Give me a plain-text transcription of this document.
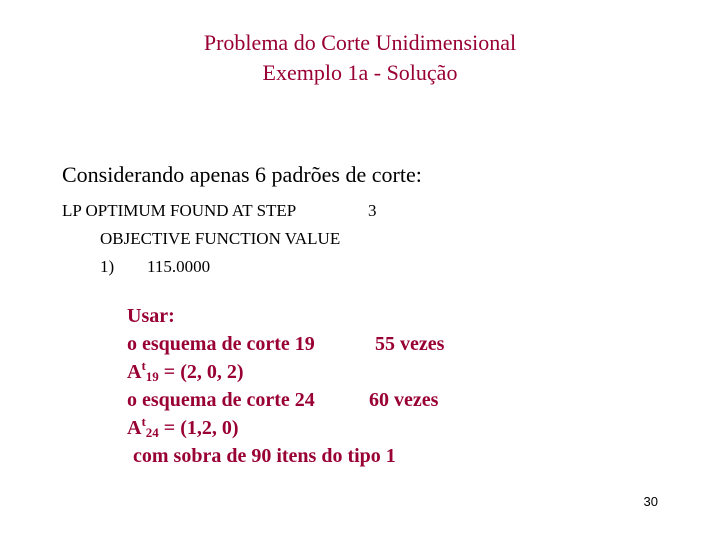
Problema do Corte Unidimensional
Exemplo 1a - Solução
Considerando apenas 6 padrões de corte:
LP OPTIMUM FOUND AT STEP	3
OBJECTIVE FUNCTION VALUE
1) 115.0000
Usar:
o esquema de corte 19	55 vezes
$A^t_{19} = (2$, 0, 2)
o esquema de corte 24	60 vezes
$A^t_{24} = (1,2$, 0)
com sobra de 90 itens do tipo 1
30
